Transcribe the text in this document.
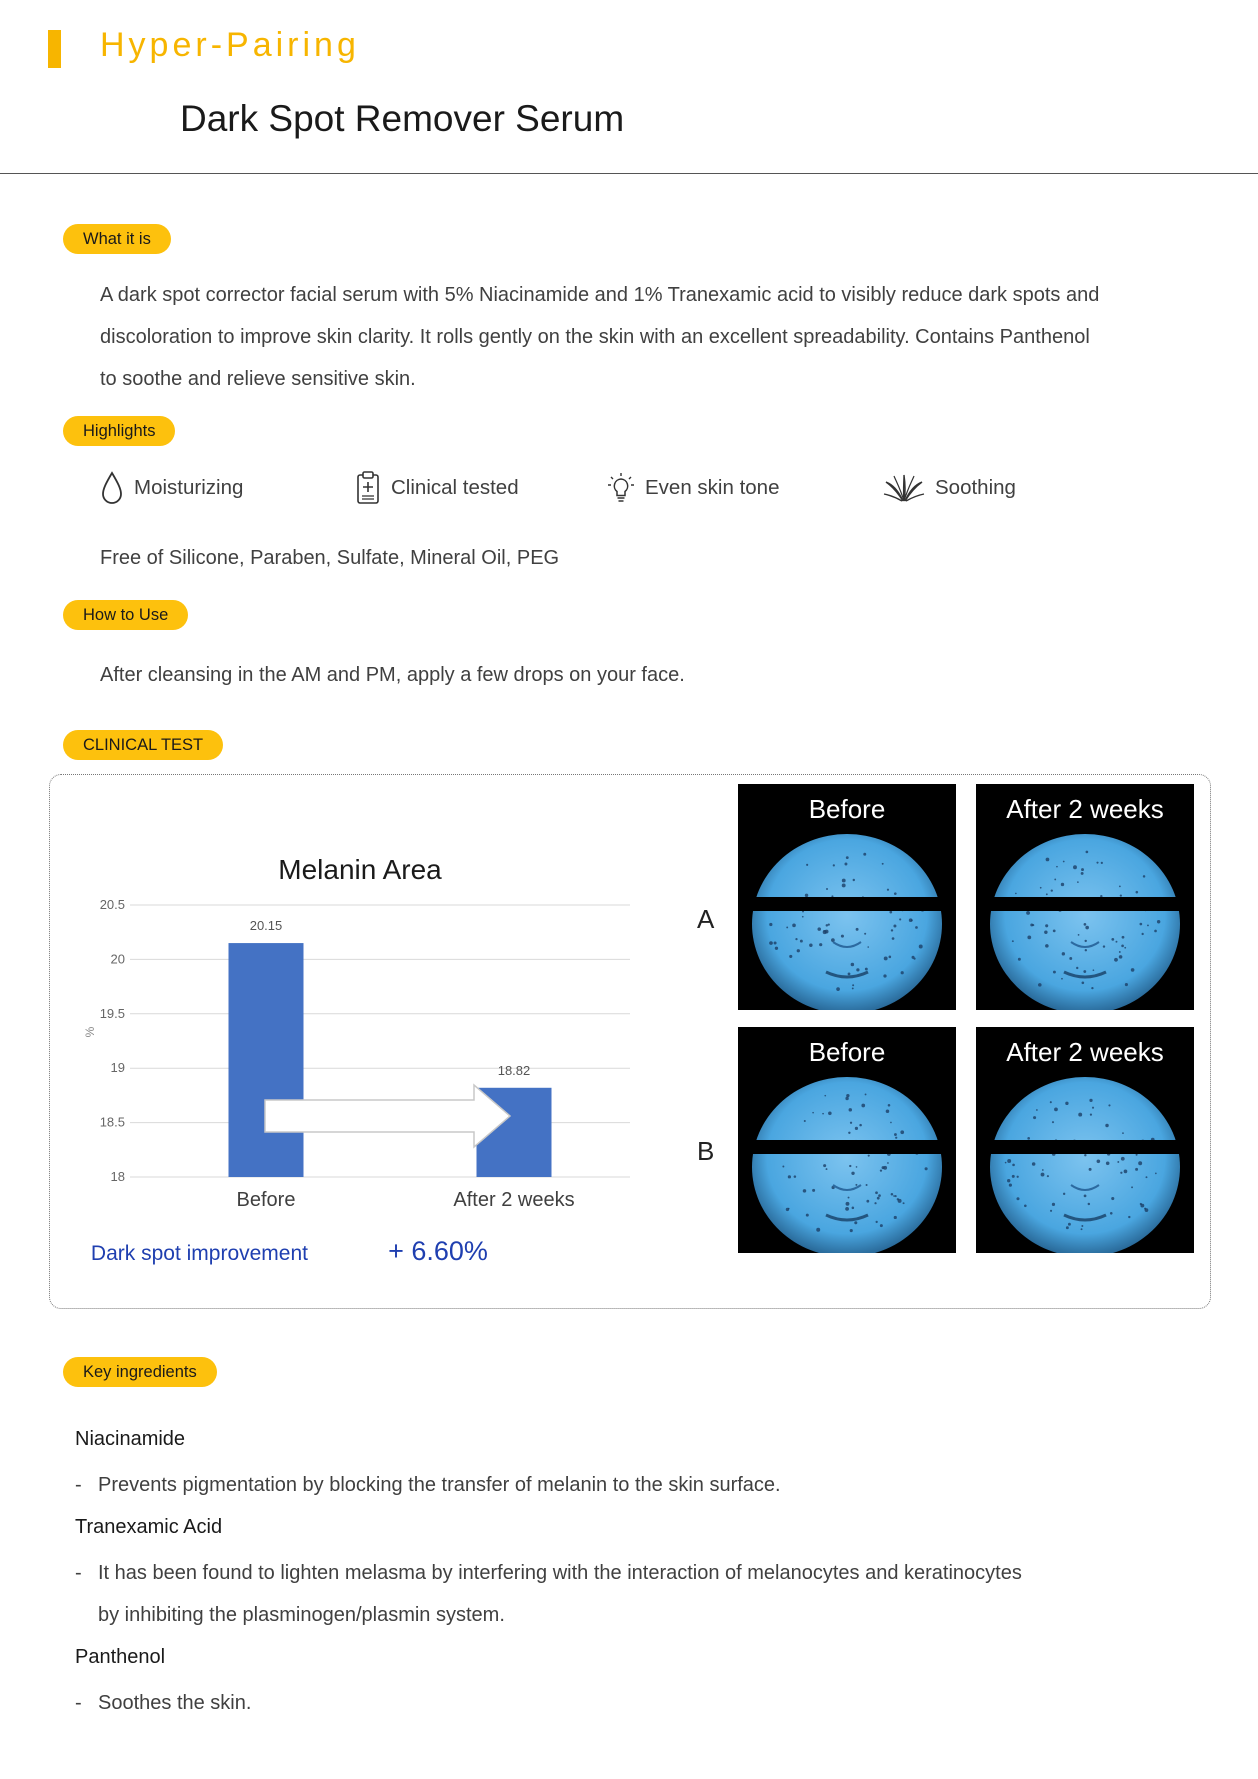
Hyper-Pairing
Dark Spot Remover Serum
What it is
A dark spot corrector facial serum with 5% Niacinamide and 1% Tranexamic acid to visibly reduce dark spots and
discoloration to improve skin clarity. It rolls gently on the skin with an excellent spreadability. Contains Panthenol
to soothe and relieve sensitive skin.
Highlights
Moisturizing	Clinical tested	Even skin tone	Soothing
Free of Silicone, Paraben, Sulfate, Mineral Oil, PEG
How to Use
After cleansing in the AM and PM, apply a few drops on your face.
CLINICAL TEST
Melanin Area
%
20.5
20
19.5
19
18.5
18
20.15
18.82
Before	After 2 weeks
Dark spot improvement	+ 6.60%
A
B
Before	After 2 weeks
Before	After 2 weeks
Key ingredients
Niacinamide
- Prevents pigmentation by blocking the transfer of melanin to the skin surface.
Tranexamic Acid
- It has been found to lighten melasma by interfering with the interaction of melanocytes and keratinocytes
by inhibiting the plasminogen/plasmin system.
Panthenol
- Soothes the skin.
